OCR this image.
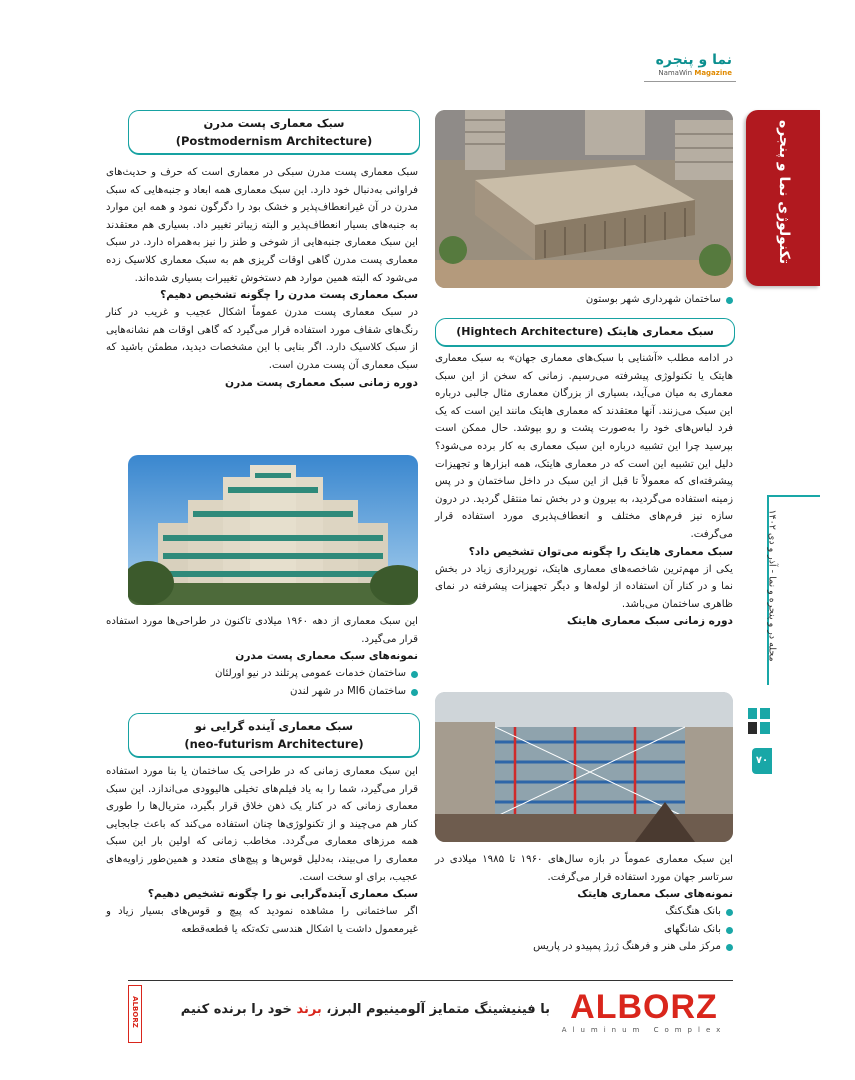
نما و پنجره
NamaWin Magazine
تکنولوژی نما و پنجره
مجله در و پنجره و نما - آذر و دی ۱۴۰۲
۷۰
سبک معماری پست مدرن
(Postmodernism Architecture)

سبک معماری پست مدرن سبکی در معماری است که حرف و حدیث‌های فراوانی به‌دنبال خود دارد. این سبک معماری همه ابعاد و جنبه‌هایی که سبک مدرن در آن غیرانعطاف‌پذیر و خشک بود را دگرگون نمود و همه این موارد به جنبه‌های بسیار انعطاف‌پذیر و البته زیباتر تغییر داد. بسیاری هم معتقدند این سبک معماری جنبه‌هایی از شوخی و طنز را نیز به‌همراه دارد. در سبک معماری پست مدرن گاهی اوقات گریزی هم به سبک معماری کلاسیک زده می‌شود که البته همین موارد هم دستخوش تغییرات بسیاری شده‌اند.

سبک معماری پست مدرن را چگونه تشخیص دهیم؟

در سبک معماری پست مدرن عموماً اشکال عجیب و غریب در کنار رنگ‌های شفاف مورد استفاده قرار می‌گیرد که گاهی اوقات هم نشانه‌هایی از سبک کلاسیک دارد. اگر بنایی با این مشخصات دیدید، مطمئن باشید که سبک معماری آن پست مدرن است.

دوره زمانی سبک معماری پست مدرن

این سبک معماری از دهه ۱۹۶۰ میلادی تاکنون در طراحی‌ها مورد استفاده قرار می‌گیرد.

نمونه‌های سبک معماری پست مدرن
ساختمان خدمات عمومی پرتلند در نیو اورلئان
ساختمان MI6 در شهر لندن
سبک معماری آینده گرایی نو
(neo-futurism Architecture)

این سبک معماری زمانی که در طراحی یک ساختمان یا بنا مورد استفاده قرار می‌گیرد، شما را به یاد فیلم‌های تخیلی هالیوودی می‌اندازد. این سبک معماری زمانی که در کنار یک ذهن خلاق قرار بگیرد، متریال‌ها را طوری کنار هم می‌چیند و از تکنولوژی‌ها چنان استفاده می‌کند که باعث جابجایی همه مرزهای معماری می‌گردد. مخاطب زمانی که اولین بار این سبک معماری را می‌بیند، به‌دلیل قوس‌ها و پیچ‌های متعدد و همین‌طور زاویه‌های عجیب، برای او سخت است.

سبک معماری آینده‌گرایی نو را چگونه تشخیص دهیم؟

اگر ساختمانی را مشاهده نمودید که پیچ و قوس‌های بسیار زیاد و غیرمعمول داشت یا اشکال هندسی تکه‌تکه یا قطعه‌قطعه

ساختمان شهرداری شهر بوستون
سبک معماری هایتک (Hightech Architecture)

در ادامه مطلب «آشنایی با سبک‌های معماری جهان» به سبک معماری هایتک یا تکنولوژی پیشرفته می‌رسیم. زمانی که سخن از این سبک معماری به میان می‌آید، بسیاری از بزرگان معماری مثال جالبی درباره این سبک می‌زنند. آنها معتقدند که معماری هایتک مانند این است که یک فرد لباس‌های خود را به‌صورت پشت و رو بپوشد. حال ممکن است بپرسید چرا این تشبیه درباره این سبک معماری به کار برده می‌شود؟ دلیل این تشبیه این است که در معماری هایتک، همه ابزارها و تجهیزات پیشرفته‌ای که معمولاً تا قبل از این سبک در داخل ساختمان و در پس زمینه استفاده می‌گردید، به بیرون و در بخش نما منتقل گردید. در درون سازه نیز فرم‌های مختلف و انعطاف‌پذیری مورد استفاده قرار می‌گرفت.

سبک معماری هایتک را چگونه می‌توان تشخیص داد؟

یکی از مهم‌ترین شاخصه‌های معماری هایتک، نورپردازی زیاد در بخش نما و در کنار آن استفاده از لوله‌ها و دیگر تجهیزات پیشرفته در نمای ظاهری ساختمان می‌باشد.

دوره زمانی سبک معماری هایتک

این سبک معماری عموماً در بازه سال‌های ۱۹۶۰ تا ۱۹۸۵ میلادی در سرتاسر جهان مورد استفاده قرار می‌گرفت.

نمونه‌های سبک معماری هایتک
بانک هنگ‌کنگ
بانک شانگهای
مرکز ملی هنر و فرهنگ ژرژ پمپیدو در پاریس
ALBORZ	با فینیشینگ متمایز آلومینیوم البرز، برند خود را برنده کنیم	ALBORZ
Aluminum Complex
